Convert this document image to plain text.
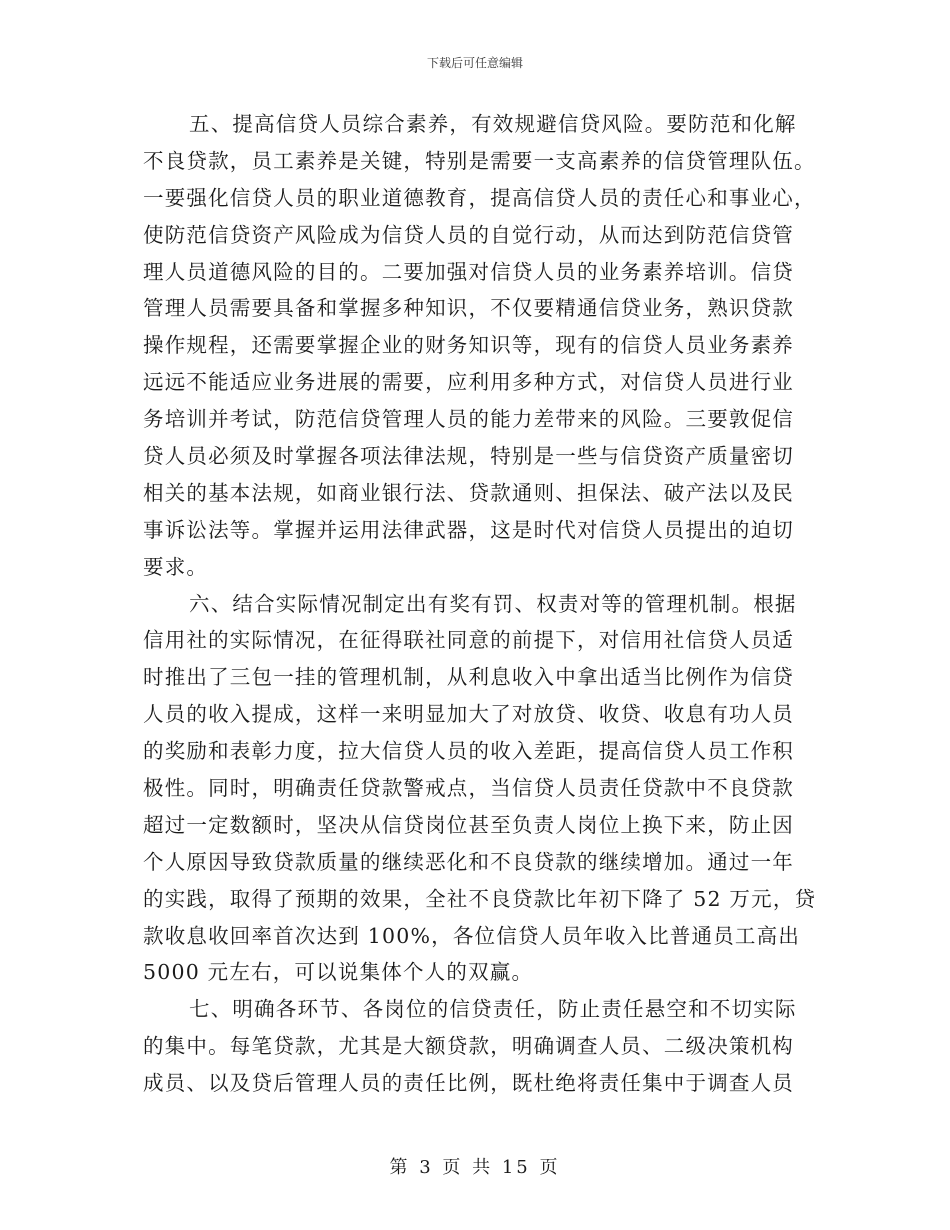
下载后可任意编辑
五、提高信贷人员综合素养，有效规避信贷风险。要防范和化解
不良贷款，员工素养是关键，特别是需要一支高素养的信贷管理队伍。
一要强化信贷人员的职业道德教育，提高信贷人员的责任心和事业心，
使防范信贷资产风险成为信贷人员的自觉行动，从而达到防范信贷管
理人员道德风险的目的。二要加强对信贷人员的业务素养培训。信贷
管理人员需要具备和掌握多种知识，不仅要精通信贷业务，熟识贷款
操作规程，还需要掌握企业的财务知识等，现有的信贷人员业务素养
远远不能适应业务进展的需要，应利用多种方式，对信贷人员进行业
务培训并考试，防范信贷管理人员的能力差带来的风险。三要敦促信
贷人员必须及时掌握各项法律法规，特别是一些与信贷资产质量密切
相关的基本法规，如商业银行法、贷款通则、担保法、破产法以及民
事诉讼法等。掌握并运用法律武器，这是时代对信贷人员提出的迫切
要求。
六、结合实际情况制定出有奖有罚、权责对等的管理机制。根据
信用社的实际情况，在征得联社同意的前提下，对信用社信贷人员适
时推出了三包一挂的管理机制，从利息收入中拿出适当比例作为信贷
人员的收入提成，这样一来明显加大了对放贷、收贷、收息有功人员
的奖励和表彰力度，拉大信贷人员的收入差距，提高信贷人员工作积
极性。同时，明确责任贷款警戒点，当信贷人员责任贷款中不良贷款
超过一定数额时，坚决从信贷岗位甚至负责人岗位上换下来，防止因
个人原因导致贷款质量的继续恶化和不良贷款的继续增加。通过一年
的实践，取得了预期的效果，全社不良贷款比年初下降了 52 万元，贷
款收息收回率首次达到 100%，各位信贷人员年收入比普通员工高出
5000 元左右，可以说集体个人的双赢。
七、明确各环节、各岗位的信贷责任，防止责任悬空和不切实际
的集中。每笔贷款，尤其是大额贷款，明确调查人员、二级决策机构
成员、以及贷后管理人员的责任比例，既杜绝将责任集中于调查人员
第 3 页 共 15 页
